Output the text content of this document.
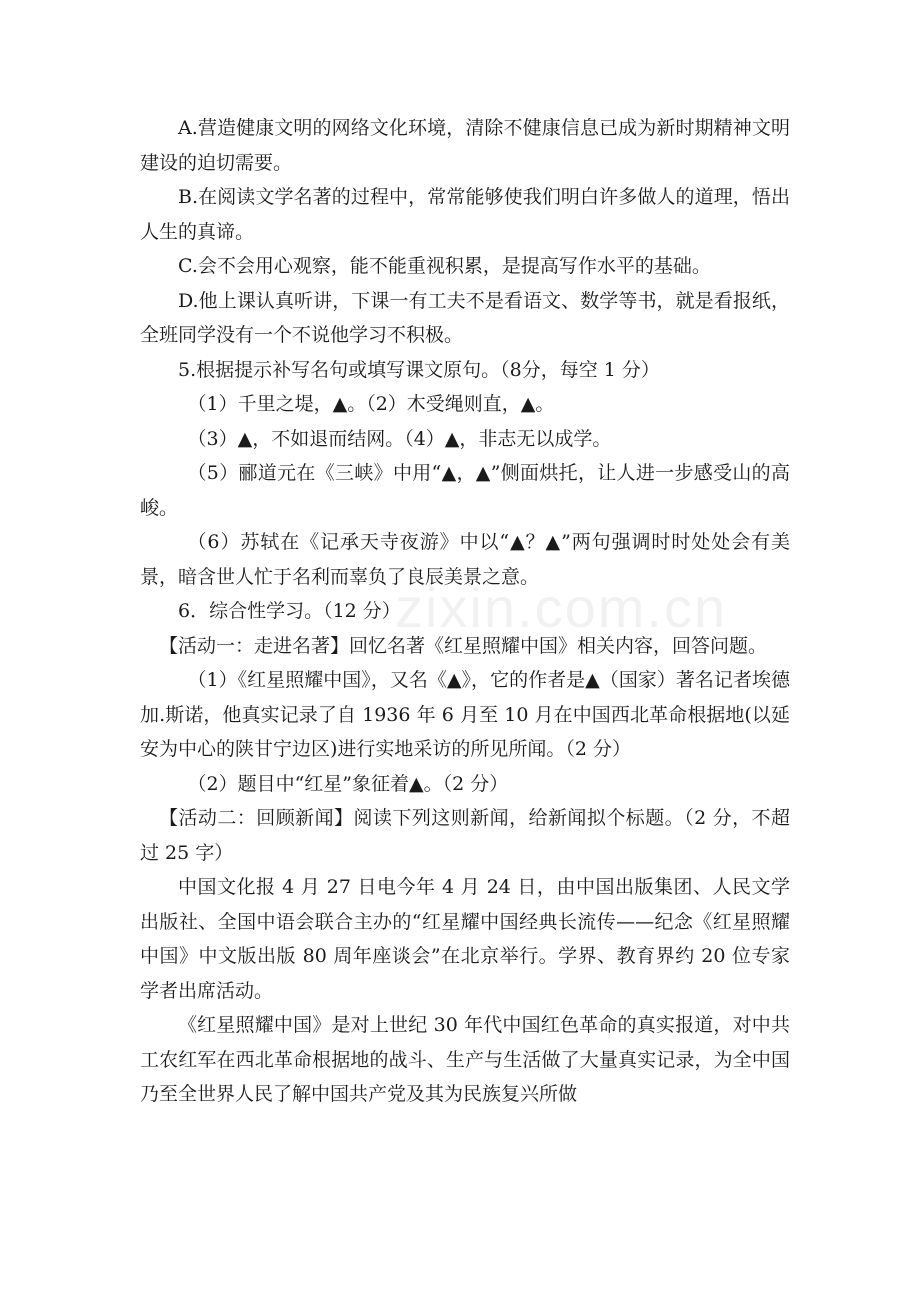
zixin.com.cn

A.营造健康文明的网络文化环境，清除不健康信息已成为新时期精神文明建设的迫切需要。

B.在阅读文学名著的过程中，常常能够使我们明白许多做人的道理，悟出人生的真谛。

C.会不会用心观察，能不能重视积累，是提高写作水平的基础。

D.他上课认真听讲，下课一有工夫不是看语文、数学等书，就是看报纸，全班同学没有一个不说他学习不积极。

5.根据提示补写名句或填写课文原句。（8分，每空 1 分）

（1）千里之堤，▲。（2）木受绳则直，▲。

（3）▲，不如退而结网。（4）▲，非志无以成学。

（5）郦道元在《三峡》中用“▲，▲”侧面烘托，让人进一步感受山的高峻。

（6）苏轼在《记承天寺夜游》中以“▲？▲”两句强调时时处处会有美景，暗含世人忙于名利而辜负了良辰美景之意。

6．综合性学习。（12 分）

【活动一：走进名著】回忆名著《红星照耀中国》相关内容，回答问题。

（1）《红星照耀中国》，又名《▲》，它的作者是▲（国家）著名记者埃德加.斯诺，他真实记录了自 1936 年 6 月至 10 月在中国西北革命根据地(以延安为中心的陕甘宁边区)进行实地采访的所见所闻。（2 分）

（2）题目中“红星”象征着▲。（2 分）

【活动二：回顾新闻】阅读下列这则新闻，给新闻拟个标题。（2 分，不超过 25 字）

中国文化报 4 月 27 日电今年 4 月 24 日，由中国出版集团、人民文学出版社、全国中语会联合主办的“红星耀中国经典长流传——纪念《红星照耀中国》中文版出版 80 周年座谈会”在北京举行。学界、教育界约 20 位专家学者出席活动。

《红星照耀中国》是对上世纪 30 年代中国红色革命的真实报道，对中共工农红军在西北革命根据地的战斗、生产与生活做了大量真实记录，为全中国乃至全世界人民了解中国共产党及其为民族复兴所做
